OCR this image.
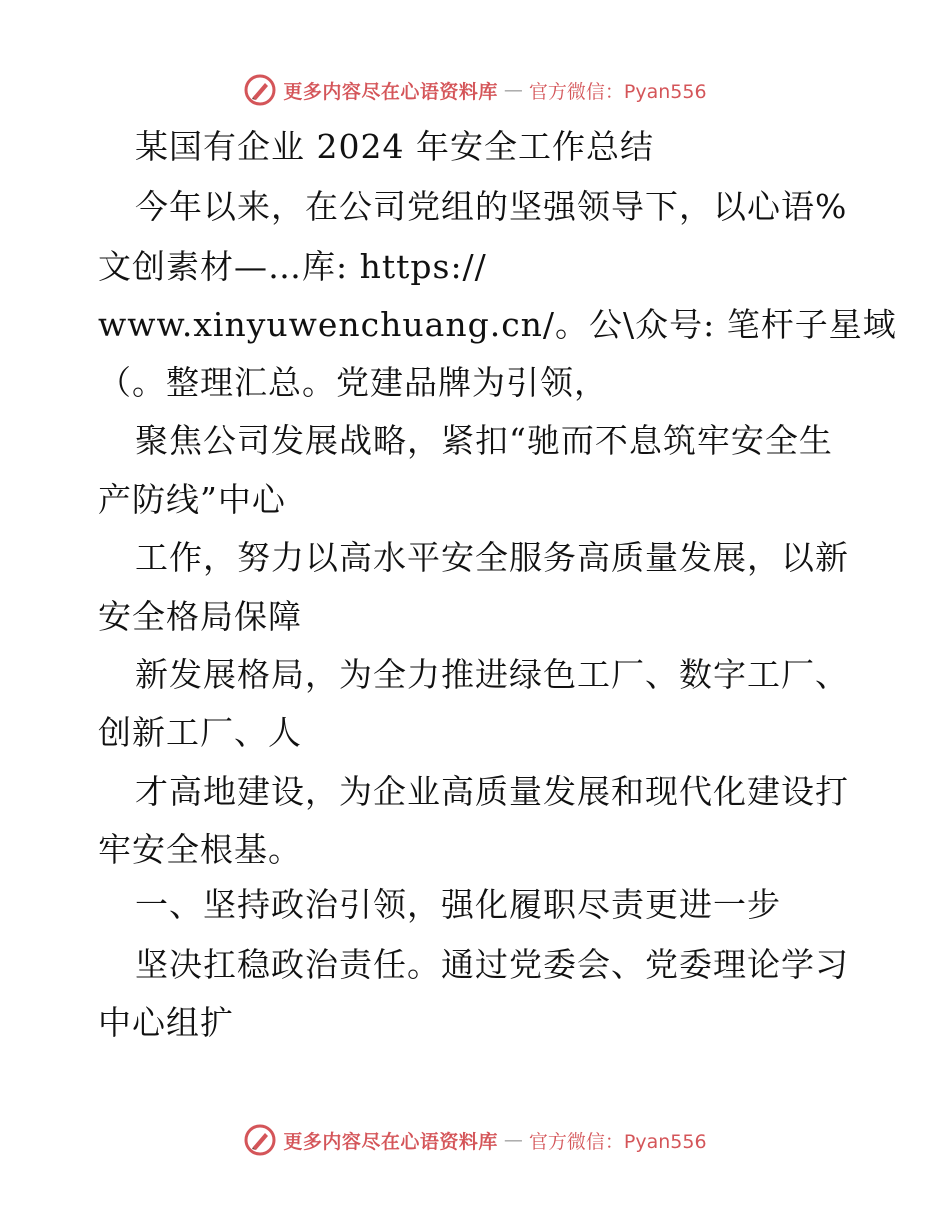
更多内容尽在心语资料库 — 官方微信：Pyan556
某国有企业 2024 年安全工作总结
今年以来，在公司党组的坚强领导下，以心语%
文创素材—…库: https://
www.xinyuwenchuang.cn/。公\众号: 笔杆子星域
（。整理汇总。党建品牌为引领，
聚焦公司发展战略，紧扣“驰而不息筑牢安全生
产防线”中心
工作，努力以高水平安全服务高质量发展，以新
安全格局保障
新发展格局，为全力推进绿色工厂、数字工厂、
创新工厂、人
才高地建设，为企业高质量发展和现代化建设打
牢安全根基。
一、坚持政治引领，强化履职尽责更进一步
坚决扛稳政治责任。通过党委会、党委理论学习
中心组扩
更多内容尽在心语资料库 — 官方微信：Pyan556
